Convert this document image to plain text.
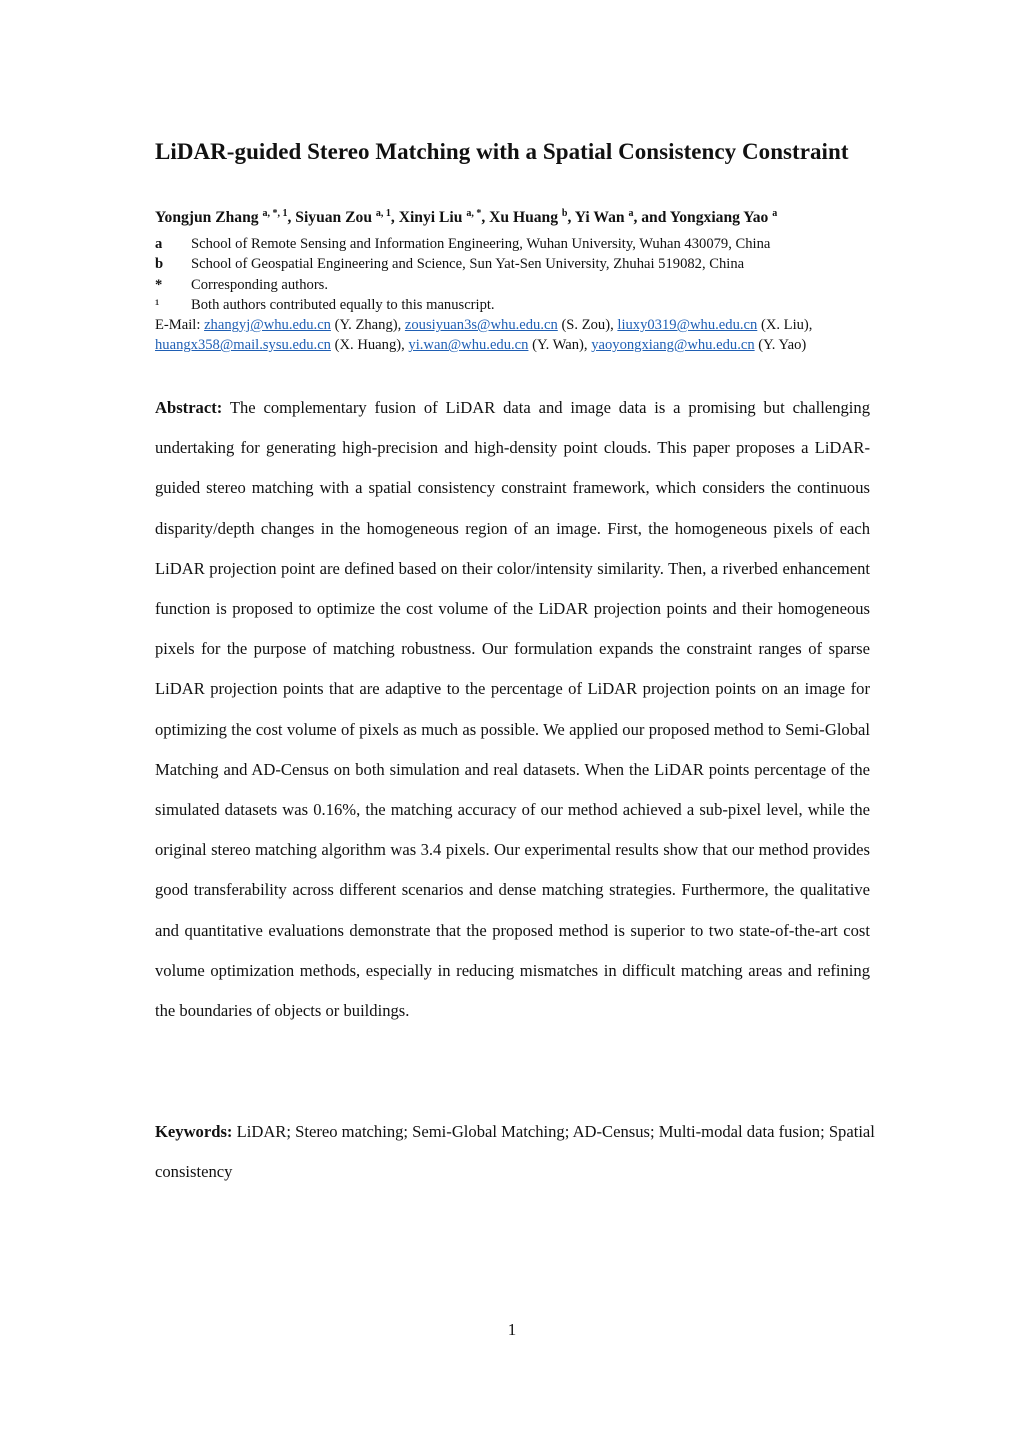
LiDAR-guided Stereo Matching with a Spatial Consistency Constraint
Yongjun Zhang $^{a, *, 1}$, Siyuan Zou $^{a, 1}$, Xinyi Liu $^{a, *}$, Xu Huang $^b$, Yi Wan $^a$, and Yongxiang Yao $^a$
a	School of Remote Sensing and Information Engineering, Wuhan University, Wuhan 430079, China
b	School of Geospatial Engineering and Science, Sun Yat-Sen University, Zhuhai 519082, China
*	Corresponding authors.
¹	Both authors contributed equally to this manuscript.
E-Mail: zhangyj@whu.edu.cn (Y. Zhang), zousiyuan3s@whu.edu.cn (S. Zou), liuxy0319@whu.edu.cn (X. Liu),
huangx358@mail.sysu.edu.cn (X. Huang), yi.wan@whu.edu.cn (Y. Wan), yaoyongxiang@whu.edu.cn (Y. Yao)
Abstract: The complementary fusion of LiDAR data and image data is a promising but challenging undertaking for generating high-precision and high-density point clouds. This paper proposes a LiDAR-guided stereo matching with a spatial consistency constraint framework, which considers the continuous disparity/depth changes in the homogeneous region of an image. First, the homogeneous pixels of each LiDAR projection point are defined based on their color/intensity similarity. Then, a riverbed enhancement function is proposed to optimize the cost volume of the LiDAR projection points and their homogeneous pixels for the purpose of matching robustness. Our formulation expands the constraint ranges of sparse LiDAR projection points that are adaptive to the percentage of LiDAR projection points on an image for optimizing the cost volume of pixels as much as possible. We applied our proposed method to Semi-Global Matching and AD-Census on both simulation and real datasets. When the LiDAR points percentage of the simulated datasets was 0.16%, the matching accuracy of our method achieved a sub-pixel level, while the original stereo matching algorithm was 3.4 pixels. Our experimental results show that our method provides good transferability across different scenarios and dense matching strategies. Furthermore, the qualitative and quantitative evaluations demonstrate that the proposed method is superior to two state-of-the-art cost volume optimization methods, especially in reducing mismatches in difficult matching areas and refining the boundaries of objects or buildings.
Keywords: LiDAR; Stereo matching; Semi-Global Matching; AD-Census; Multi-modal data fusion; Spatial consistency
1
